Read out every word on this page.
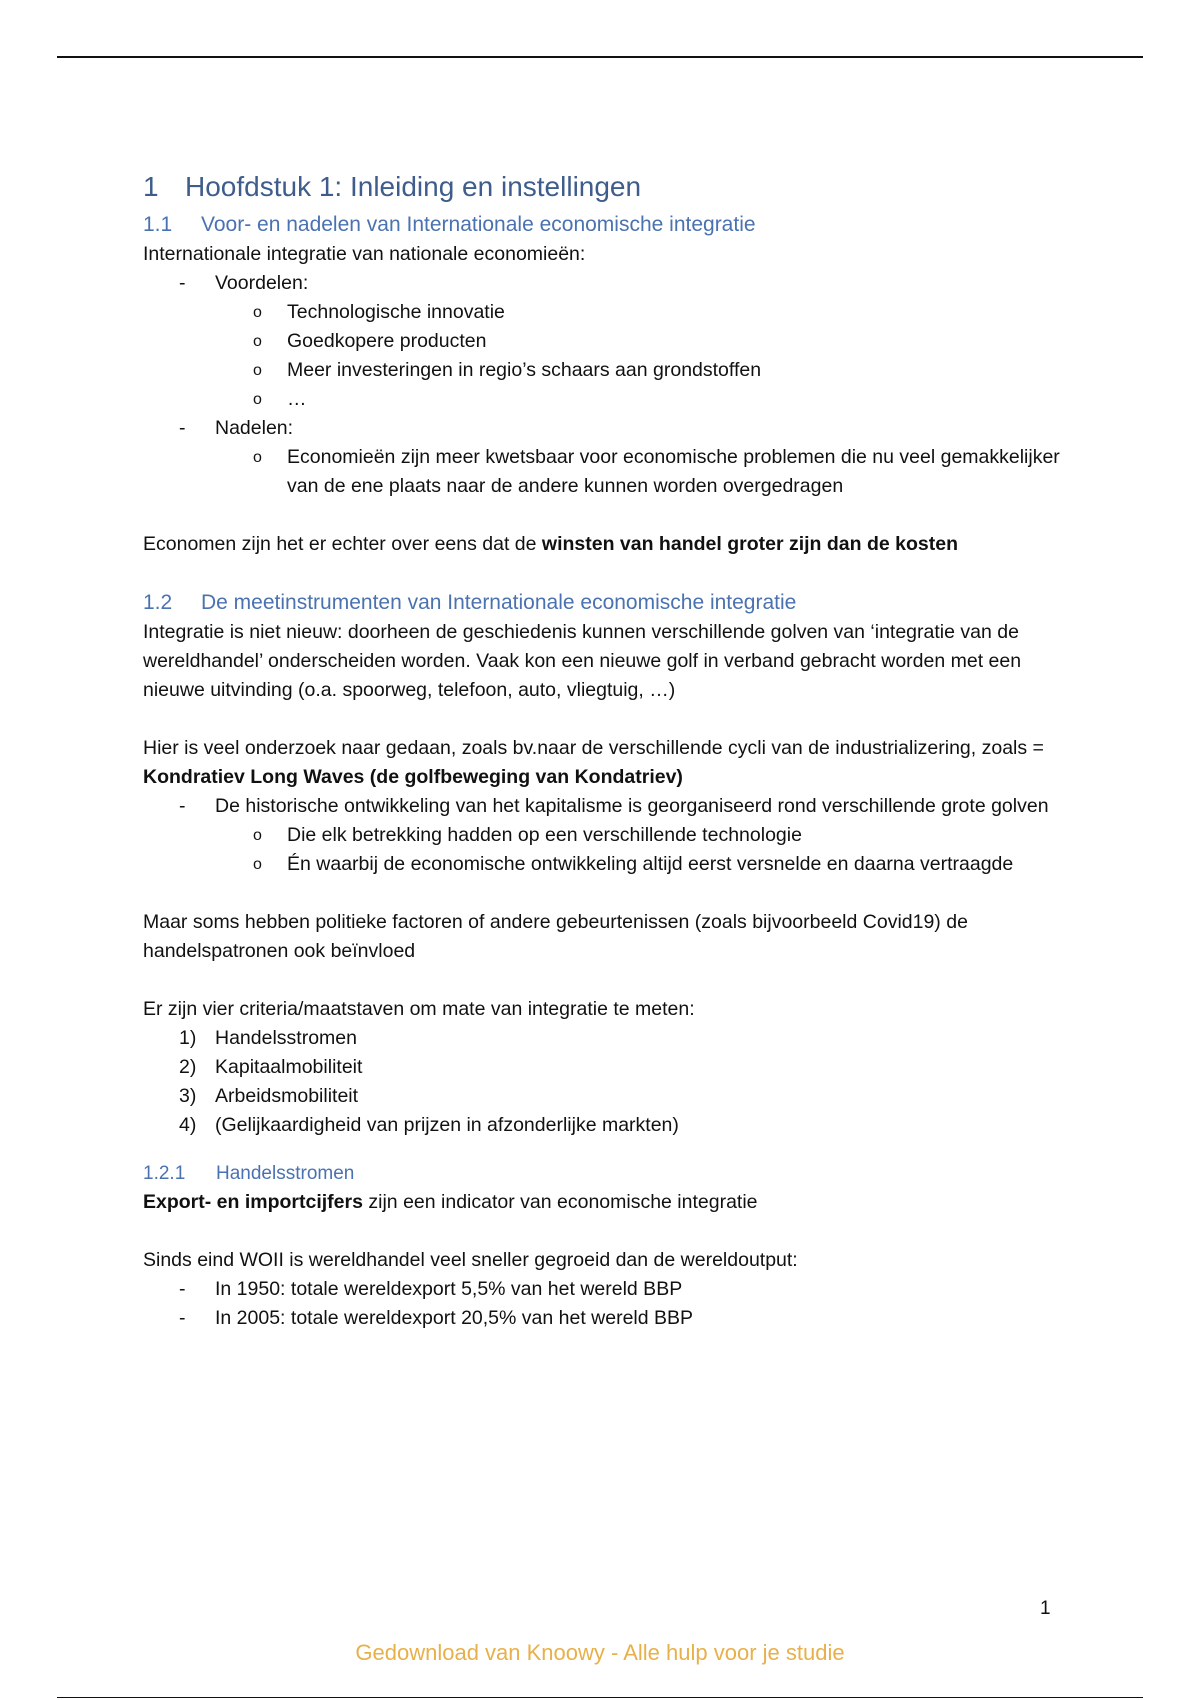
1 Hoofdstuk 1: Inleiding en instellingen
1.1 Voor- en nadelen van Internationale economische integratie

Internationale integratie van nationale economieën:

- Voordelen:
o Technologische innovatie
o Goedkopere producten
o Meer investeringen in regio’s schaars aan grondstoffen
o …
- Nadelen:
o Economieën zijn meer kwetsbaar voor economische problemen die nu veel gemakkelijker van de ene plaats naar de andere kunnen worden overgedragen

Economen zijn het er echter over eens dat de winsten van handel groter zijn dan de kosten

1.2 De meetinstrumenten van Internationale economische integratie

Integratie is niet nieuw: doorheen de geschiedenis kunnen verschillende golven van ‘integratie van de wereldhandel’ onderscheiden worden. Vaak kon een nieuwe golf in verband gebracht worden met een nieuwe uitvinding (o.a. spoorweg, telefoon, auto, vliegtuig, …)

Hier is veel onderzoek naar gedaan, zoals bv.naar de verschillende cycli van de industrializering, zoals = Kondratiev Long Waves (de golfbeweging van Kondatriev)

- De historische ontwikkeling van het kapitalisme is georganiseerd rond verschillende grote golven
o Die elk betrekking hadden op een verschillende technologie
o Én waarbij de economische ontwikkeling altijd eerst versnelde en daarna vertraagde

Maar soms hebben politieke factoren of andere gebeurtenissen (zoals bijvoorbeeld Covid19) de handelspatronen ook beïnvloed

Er zijn vier criteria/maatstaven om mate van integratie te meten:

1) Handelsstromen
2) Kapitaalmobiliteit
3) Arbeidsmobiliteit
4) (Gelijkaardigheid van prijzen in afzonderlijke markten)
1.2.1 Handelsstromen

Export- en importcijfers zijn een indicator van economische integratie

Sinds eind WOII is wereldhandel veel sneller gegroeid dan de wereldoutput:

- In 1950: totale wereldexport 5,5% van het wereld BBP
- In 2005: totale wereldexport 20,5% van het wereld BBP
1
Gedownload van Knoowy - Alle hulp voor je studie
